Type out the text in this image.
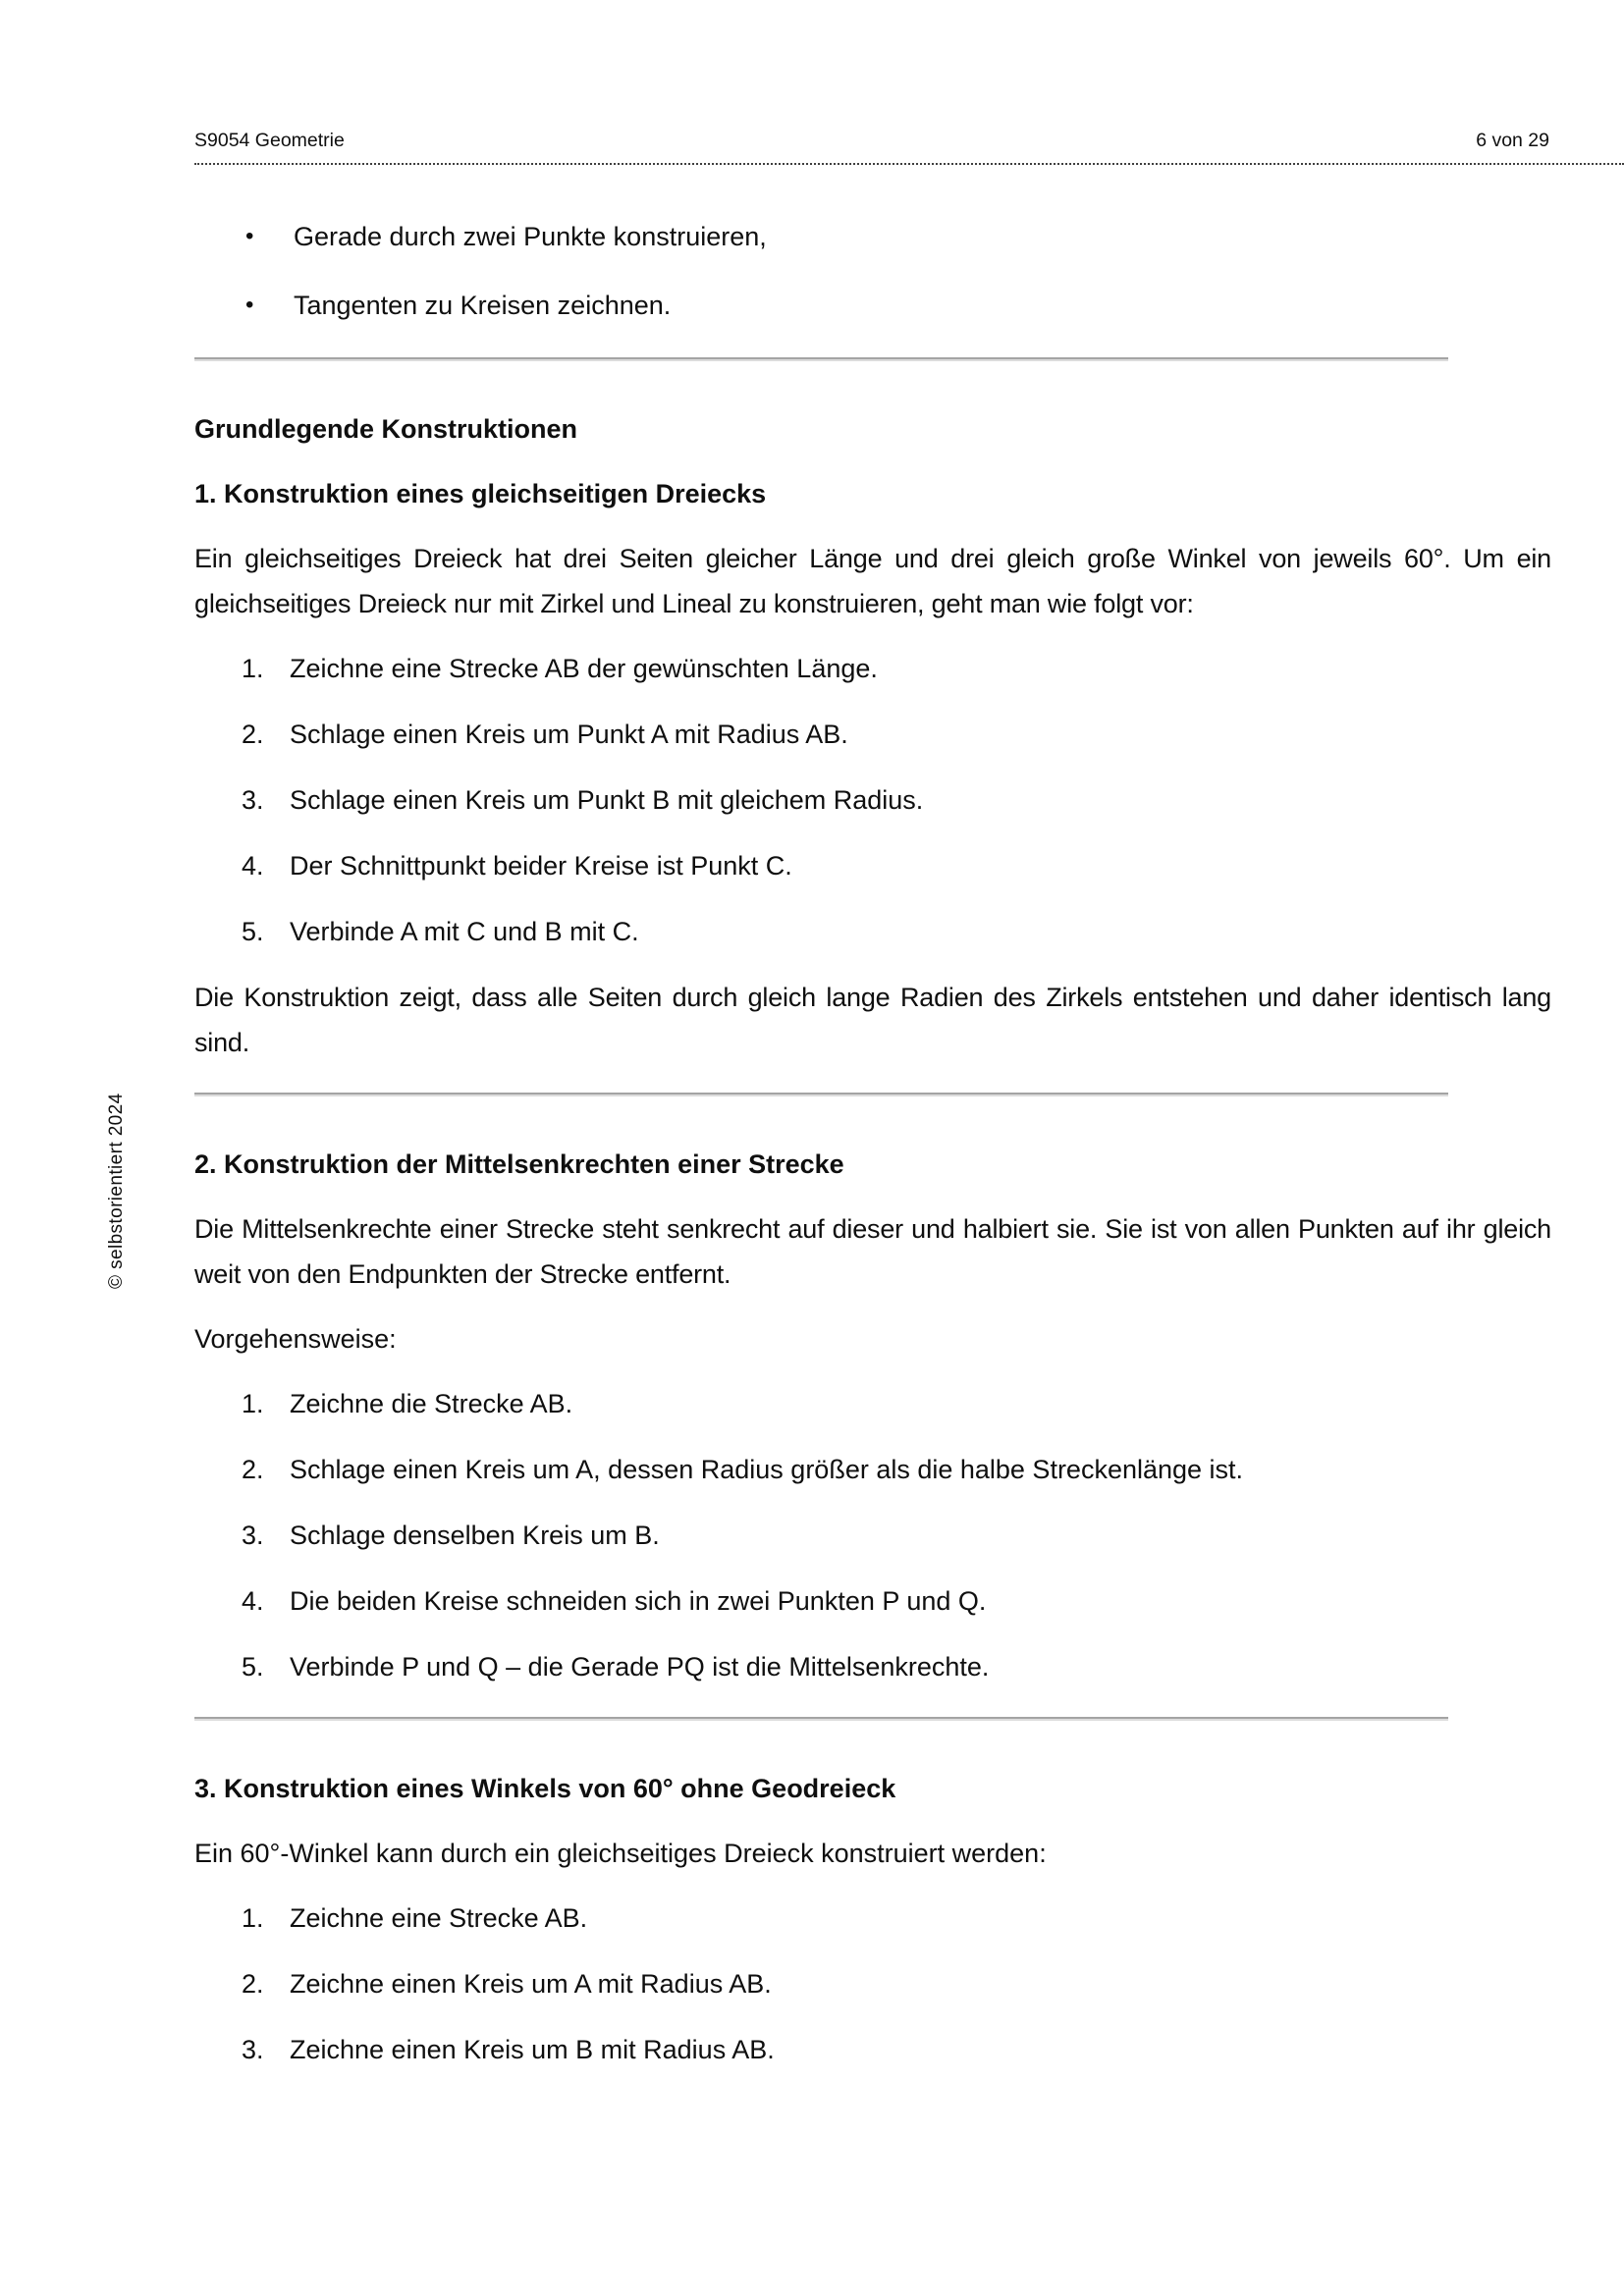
S9054 Geometrie	6 von 29
•	Gerade durch zwei Punkte konstruieren,
•	Tangenten zu Kreisen zeichnen.
Grundlegende Konstruktionen
1. Konstruktion eines gleichseitigen Dreiecks

Ein gleichseitiges Dreieck hat drei Seiten gleicher Länge und drei gleich große Winkel von jeweils 60°. Um ein gleichseitiges Dreieck nur mit Zirkel und Lineal zu konstruieren, geht man wie folgt vor:

1. Zeichne eine Strecke AB der gewünschten Länge.
2. Schlage einen Kreis um Punkt A mit Radius AB.
3. Schlage einen Kreis um Punkt B mit gleichem Radius.
4. Der Schnittpunkt beider Kreise ist Punkt C.
5. Verbinde A mit C und B mit C.

Die Konstruktion zeigt, dass alle Seiten durch gleich lange Radien des Zirkels entstehen und daher identisch lang sind.

2. Konstruktion der Mittelsenkrechten einer Strecke

Die Mittelsenkrechte einer Strecke steht senkrecht auf dieser und halbiert sie. Sie ist von allen Punkten auf ihr gleich weit von den Endpunkten der Strecke entfernt.

Vorgehensweise:

1. Zeichne die Strecke AB.
2. Schlage einen Kreis um A, dessen Radius größer als die halbe Streckenlänge ist.
3. Schlage denselben Kreis um B.
4. Die beiden Kreise schneiden sich in zwei Punkten P und Q.
5. Verbinde P und Q – die Gerade PQ ist die Mittelsenkrechte.
3. Konstruktion eines Winkels von 60° ohne Geodreieck

Ein 60°-Winkel kann durch ein gleichseitiges Dreieck konstruiert werden:

1. Zeichne eine Strecke AB.
2. Zeichne einen Kreis um A mit Radius AB.
3. Zeichne einen Kreis um B mit Radius AB.
© selbstorientiert 2024
